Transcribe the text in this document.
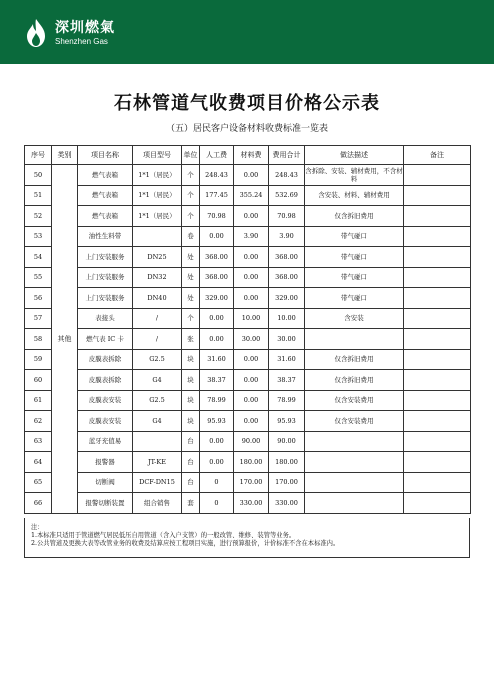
深圳燃氣
Shenzhen Gas
石林管道气收费项目价格公示表
（五）居民客户设备材料收费标准一览表
序号	类别	项目名称	项目型号	单位	人工费	材料费	费用合计	做法描述	备注
50	其他	燃气表箱	1*1（居民）	个	248.43	0.00	248.43	含拆除、安装、辅材费用，不含材料	
51		燃气表箱	1*1（居民）	个	177.45	355.24	532.69	含安装、材料、辅材费用	
52		燃气表箱	1*1（居民）	个	70.98	0.00	70.98	仅含拆旧费用	
53		油性生料带		卷	0.00	3.90	3.90	带气碰口	
54		上门安装服务	DN25	处	368.00	0.00	368.00	带气碰口	
55		上门安装服务	DN32	处	368.00	0.00	368.00	带气碰口	
56		上门安装服务	DN40	处	329.00	0.00	329.00	带气碰口	
57		表接头	/	个	0.00	10.00	10.00	含安装	
58		燃气表 IC 卡	/	张	0.00	30.00	30.00		
59		皮膜表拆除	G2.5	块	31.60	0.00	31.60	仅含拆旧费用	
60		皮膜表拆除	G4	块	38.37	0.00	38.37	仅含拆旧费用	
61		皮膜表安装	G2.5	块	78.99	0.00	78.99	仅含安装费用	
62		皮膜表安装	G4	块	95.93	0.00	95.93	仅含安装费用	
63		蓝牙充值易		台	0.00	90.00	90.00		
64		报警器	JT-KE	台	0.00	180.00	180.00		
65		切断阀	DCF-DN15	台	0	170.00	170.00		
66		报警切断装置	组合销售	套	0	330.00	330.00		
注：
1.本标准只适用于管道燃气居民低压自用管道（含入户支管）的一般改管、维修、装管等业务。
2.公共管道及更换大表等改管业务的收费及结算应按工程项目实施，进行预算报价，计价标准不含在本标准内。
